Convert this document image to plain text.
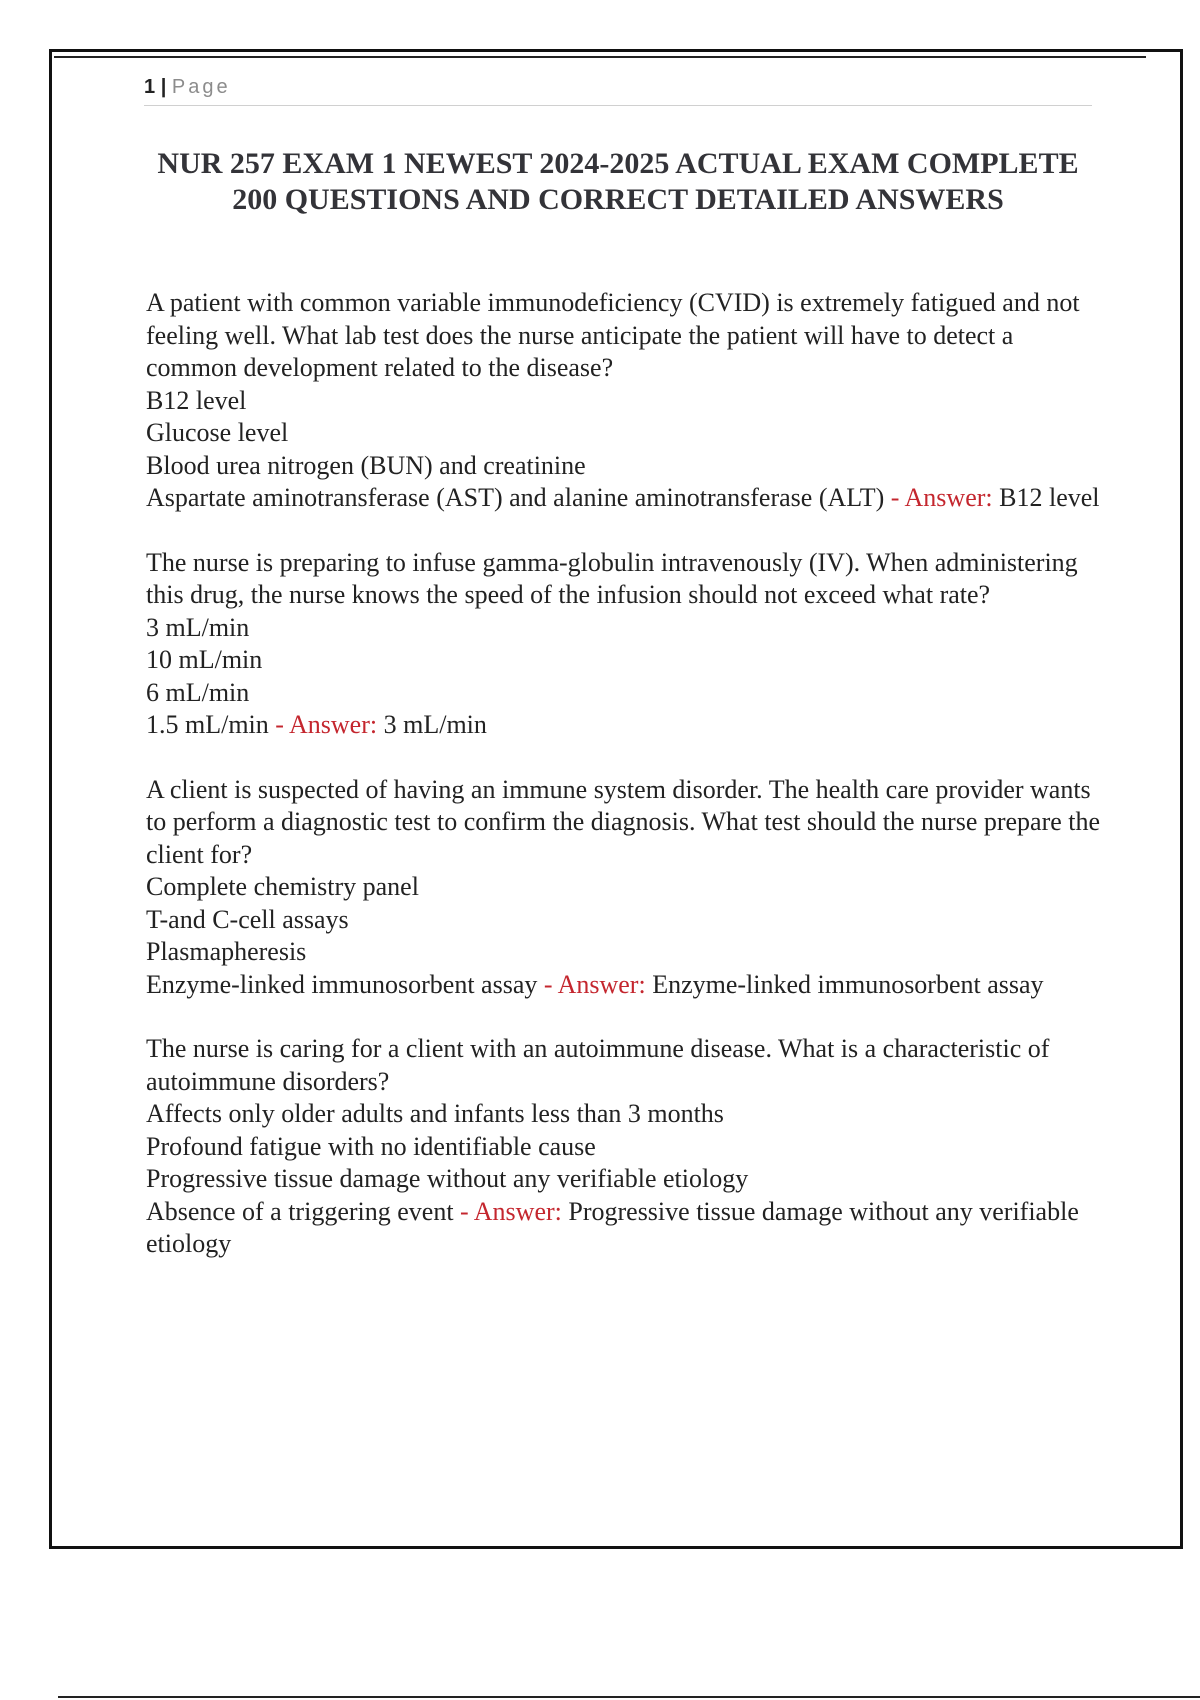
1 | Page
NUR 257 EXAM 1 NEWEST 2024-2025 ACTUAL EXAM COMPLETE 200 QUESTIONS AND CORRECT DETAILED ANSWERS

A patient with common variable immunodeficiency (CVID) is extremely fatigued and not feeling well. What lab test does the nurse anticipate the patient will have to detect a common development related to the disease?

B12 level
Glucose level
Blood urea nitrogen (BUN) and creatinine
Aspartate aminotransferase (AST) and alanine aminotransferase (ALT) - Answer: B12 level

The nurse is preparing to infuse gamma-globulin intravenously (IV). When administering this drug, the nurse knows the speed of the infusion should not exceed what rate?

3 mL/min
10 mL/min
6 mL/min
1.5 mL/min - Answer: 3 mL/min

A client is suspected of having an immune system disorder. The health care provider wants to perform a diagnostic test to confirm the diagnosis. What test should the nurse prepare the client for?

Complete chemistry panel
T-and C-cell assays
Plasmapheresis
Enzyme-linked immunosorbent assay - Answer: Enzyme-linked immunosorbent assay

The nurse is caring for a client with an autoimmune disease. What is a characteristic of autoimmune disorders?

Affects only older adults and infants less than 3 months
Profound fatigue with no identifiable cause
Progressive tissue damage without any verifiable etiology
Absence of a triggering event - Answer: Progressive tissue damage without any verifiable etiology
